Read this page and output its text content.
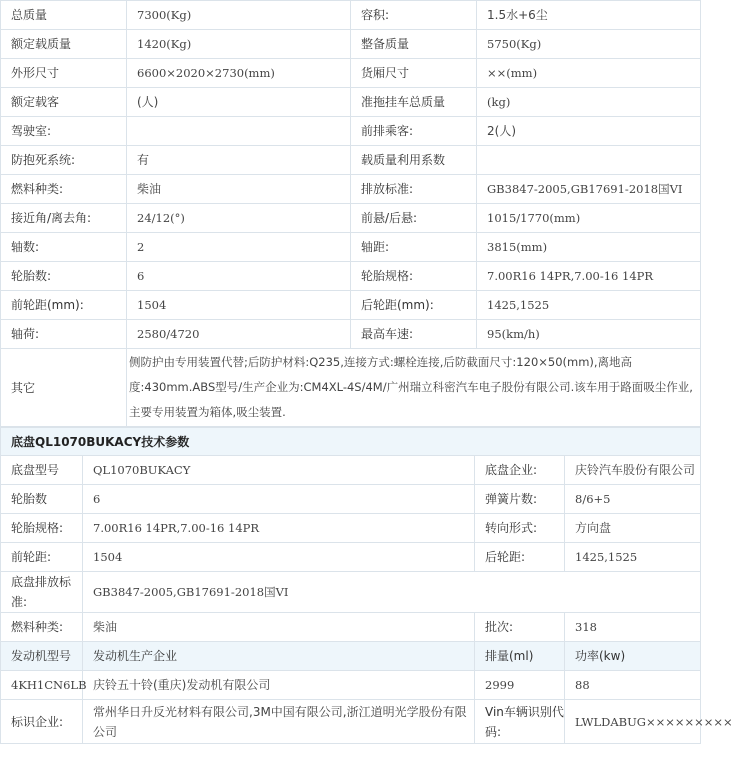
总质量	7300(Kg)	容积:	1.5水+6尘
额定载质量	1420(Kg)	整备质量	5750(Kg)
外形尺寸	6600×2020×2730(mm)	货厢尺寸	××(mm)
额定载客	(人)	准拖挂车总质量	(kg)
驾驶室:		前排乘客:	2(人)
防抱死系统:	有	载质量利用系数	
燃料种类:	柴油	排放标准:	GB3847-2005,GB17691-2018国VI
接近角/离去角:	24/12(°)	前悬/后悬:	1015/1770(mm)
轴数:	2	轴距:	3815(mm)
轮胎数:	6	轮胎规格:	7.00R16 14PR,7.00-16 14PR
前轮距(mm):	1504	后轮距(mm):	1425,1525
轴荷:	2580/4720	最高车速:	95(km/h)
其它	侧防护由专用装置代替;后防护材料:Q235,连接方式:螺栓连接,后防截面尺寸:120×50(mm),离地高度:430mm.ABS型号/生产企业为:CM4XL-4S/4M/广州瑞立科密汽车电子股份有限公司.该车用于路面吸尘作业,主要专用装置为箱体,吸尘装置.		
底盘QL1070BUKACY技术参数			
底盘型号	QL1070BUKACY	底盘企业:	庆铃汽车股份有限公司
轮胎数	6	弹簧片数:	8/6+5
轮胎规格:	7.00R16 14PR,7.00-16 14PR	转向形式:	方向盘
前轮距:	1504	后轮距:	1425,1525
底盘排放标准:	GB3847-2005,GB17691-2018国VI		
燃料种类:	柴油	批次:	318
发动机型号	发动机生产企业	排量(ml)	功率(kw)
4KH1CN6LB	庆铃五十铃(重庆)发动机有限公司	2999	88
标识企业:	常州华日升反光材料有限公司,3M中国有限公司,浙江道明光学股份有限公司	Vin车辆识别代码:	LWLDABUG×××××××××
